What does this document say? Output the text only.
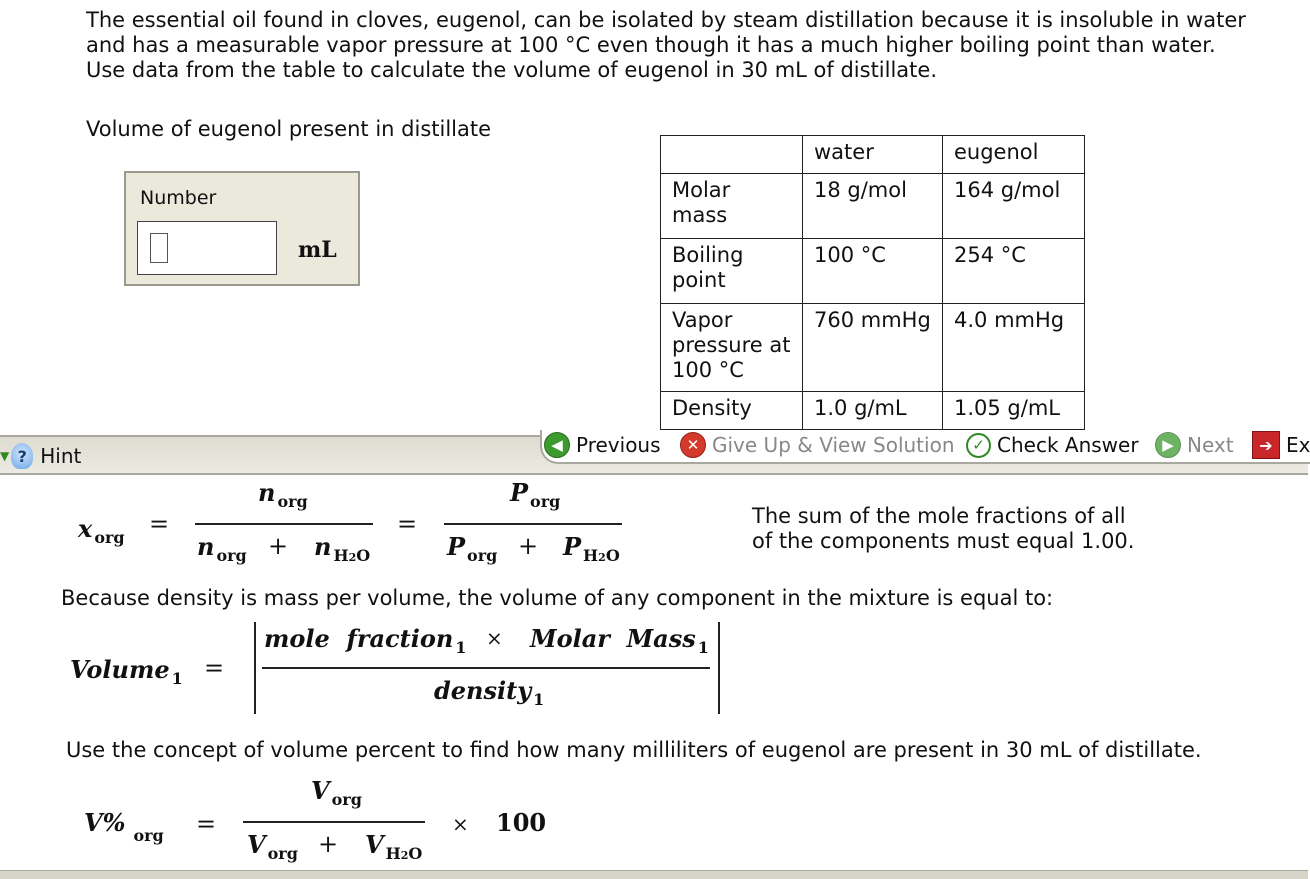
The essential oil found in cloves, eugenol, can be isolated by steam distillation because it is insoluble in water

and has a measurable vapor pressure at 100 °C even though it has a much higher boiling point than water.

Use data from the table to calculate the volume of eugenol in 30 mL of distillate.

Volume of eugenol present in distillate
Number
mL
	water	eugenol
Molar mass	18 g/mol	164 g/mol
Boiling point	100 °C	254 °C
Vapor pressure at 100 °C	760 mmHg	4.0 mmHg
Density	1.0 g/mL	1.05 g/mL
▼ ? Hint	◀ Previous	✕ Give Up & View Solution	✓ Check Answer	▶ Next	➔ Ex
x $_{org}$ =
n $_{org}$
n $_{org}$ + n $_{H2O}$
=
P $_{org}$
P $_{org}$ + P $_{H2O}$
The sum of the mole fractions of all
of the components must equal 1.00.
Because density is mass per volume, the volume of any component in the mixture is equal to:
Volume $_1$ =
mole  fraction $_1$ × Molar  Mass $_1$
density $_1$
Use the concept of volume percent to find how many milliliters of eugenol are present in 30 mL of distillate.
V% $_{org}$ =
V $_{org}$
V $_{org}$ + V $_{H2O}$
× 100
